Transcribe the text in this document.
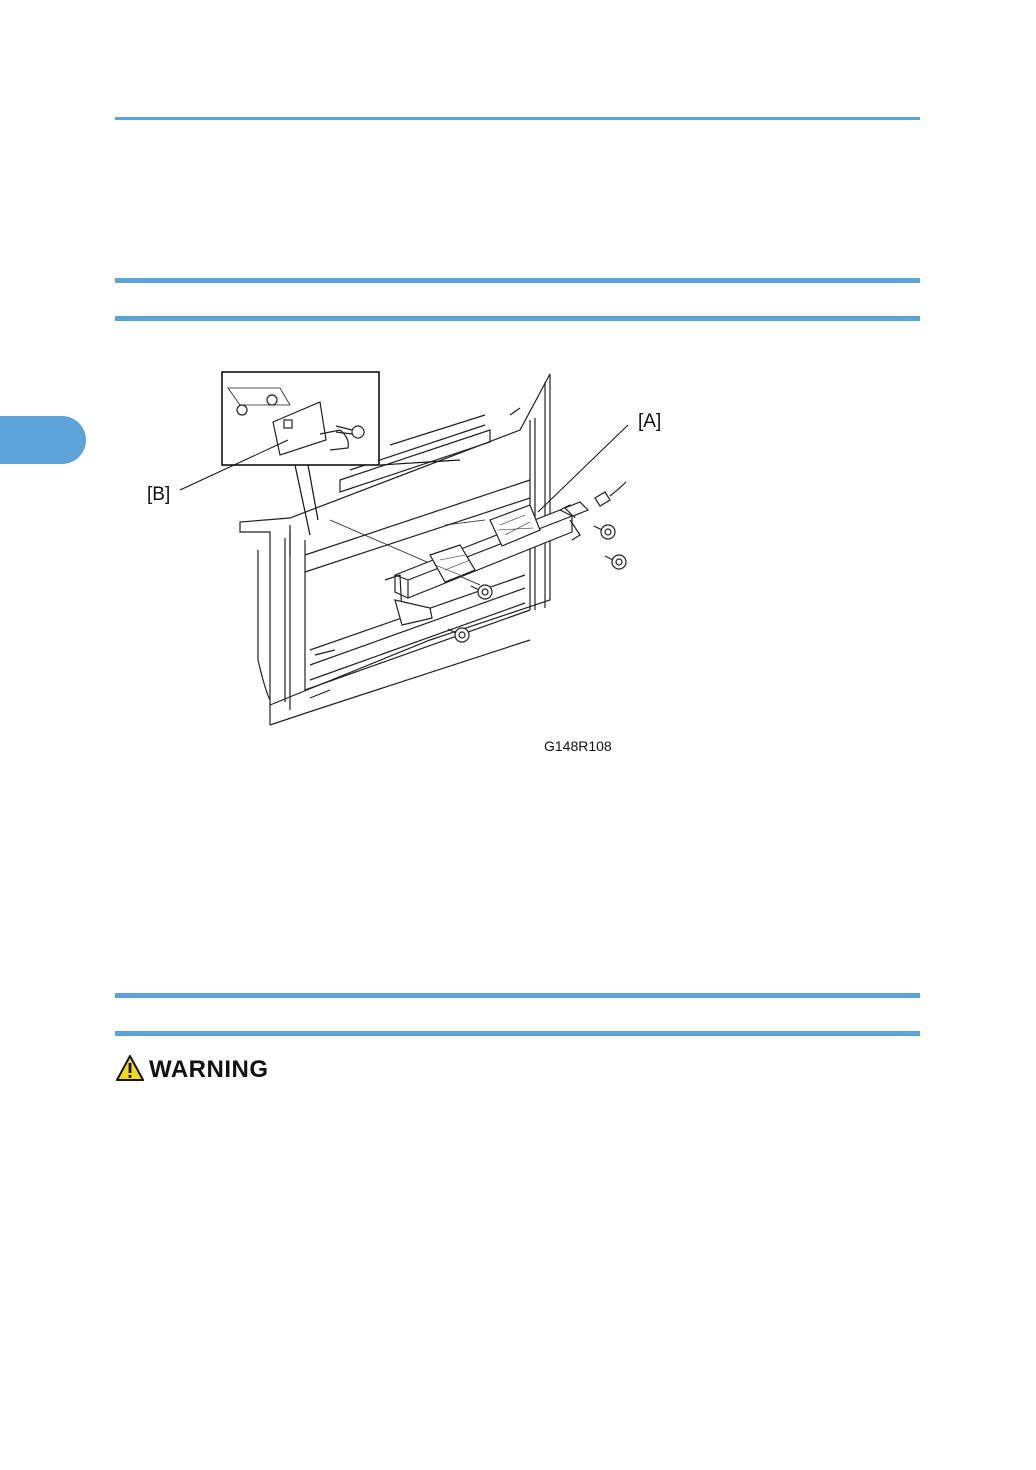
[A]
[B]
G148R108
WARNING
